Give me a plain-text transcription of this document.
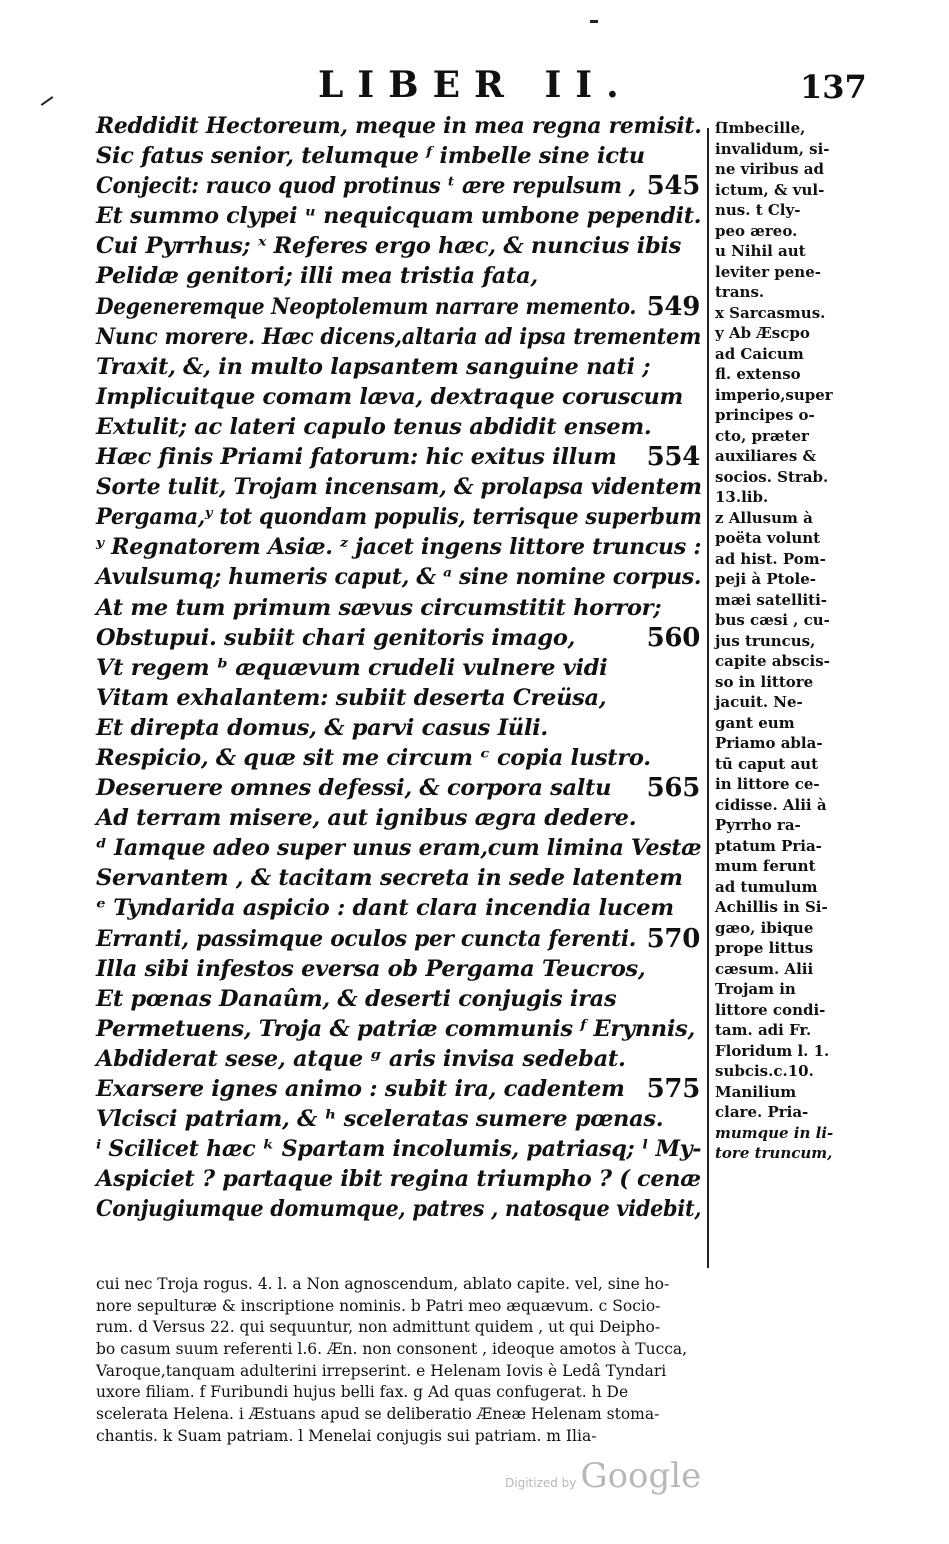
LIBER II.	137
Reddidit Hectoreum, meque in mea regna remisit.
Sic fatus senior, telumque ᶠ imbelle sine ictu
Conjecit: rauco quod protinus ᵗ ære repulsum , 545
Et summo clypei ᵘ nequicquam umbone pependit.
Cui Pyrrhus; ˣ Referes ergo hæc, & nuncius ibis
Pelidæ genitori; illi mea tristia fata,
Degeneremque Neoptolemum narrare memento. 549
Nunc morere. Hæc dicens,altaria ad ipsa trementem
Traxit, &, in multo lapsantem sanguine nati ;
Implicuitque comam læva, dextraque coruscum
Extulit; ac lateri capulo tenus abdidit ensem.
Hæc finis Priami fatorum: hic exitus illum 554
Sorte tulit, Trojam incensam, & prolapsa videntem
Pergama,ʸ tot quondam populis, terrisque superbum
ʸ Regnatorem Asiæ. ᶻ jacet ingens littore truncus :
Avulsumq; humeris caput, & ᵃ sine nomine corpus.
At me tum primum sævus circumstitit horror;
Obstupui. subiit chari genitoris imago,	560
Vt regem ᵇ æquævum crudeli vulnere vidi
Vitam exhalantem: subiit deserta Creüsa,
Et direpta domus, & parvi casus Iüli.
Respicio, & quæ sit me circum ᶜ copia lustro.
Deseruere omnes defessi, & corpora saltu 565
Ad terram misere, aut ignibus ægra dedere.
ᵈ Iamque adeo super unus eram,cum limina Vestæ
Servantem , & tacitam secreta in sede latentem
ᵉ Tyndarida aspicio : dant clara incendia lucem
Erranti, passimque oculos per cuncta ferenti. 570
Illa sibi infestos eversa ob Pergama Teucros,
Et pœnas Danaûm, & deserti conjugis iras
Permetuens, Troja & patriæ communis ᶠ Erynnis,
Abdiderat sese, atque ᵍ aris invisa sedebat.
Exarsere ignes animo : subit ira, cadentem 575
Vlcisci patriam, & ʰ sceleratas sumere pœnas.
ⁱ Scilicet hæc ᵏ Spartam incolumis, patriasq; ˡ My-
Aspiciet ? partaque ibit regina triumpho ? ( cenæ
Conjugiumque domumque, patres , natosque videbit,
ſImbecille,
invalidum, si-
ne viribus ad
ictum, & vul-
nus. t Cly-
peo æreo.
u Nihil aut
leviter pene-
trans.
x Sarcasmus.
y Ab Æscpo
ad Caicum
fl. extenso
imperio,super
principes o-
cto, præter
auxiliares &
socios. Strab.
13.lib.
z Allusum à
poëta volunt
ad hist. Pom-
peji à Ptole-
mæi satelliti-
bus cæsi , cu-
jus truncus,
capite abscis-
so in littore
jacuit. Ne-
gant eum
Priamo abla-
tū caput aut
in littore ce-
cidisse. Alii à
Pyrrho ra-
ptatum Pria-
mum ferunt
ad tumulum
Achillis in Si-
gæo, ibique
prope littus
cæsum. Alii
Trojam in
littore condi-
tam. adi Fr.
Floridum l. 1.
subcis.c.10.
Manilium
clare. Pria-
mumque in li-
tore truncum,
cui nec Troja rogus. 4. l. a Non agnoscendum, ablato capite. vel, sine ho-
nore sepulturæ & inscriptione nominis. b Patri meo æquævum. c Socio-
rum. d Versus 22. qui sequuntur, non admittunt quidem , ut qui Deipho-
bo casum suum referenti l.6. Æn. non consonent , ideoque amotos à Tucca,
Varoque,tanquam adulterini irrepserint. e Helenam Iovis è Ledâ Tyndari
uxore filiam. f Furibundi hujus belli fax. g Ad quas confugerat. h De
scelerata Helena. i Æstuans apud se deliberatio Æneæ Helenam stoma-
chantis. k Suam patriam. l Menelai conjugis sui patriam. m Ilia-
Digitized by Google
